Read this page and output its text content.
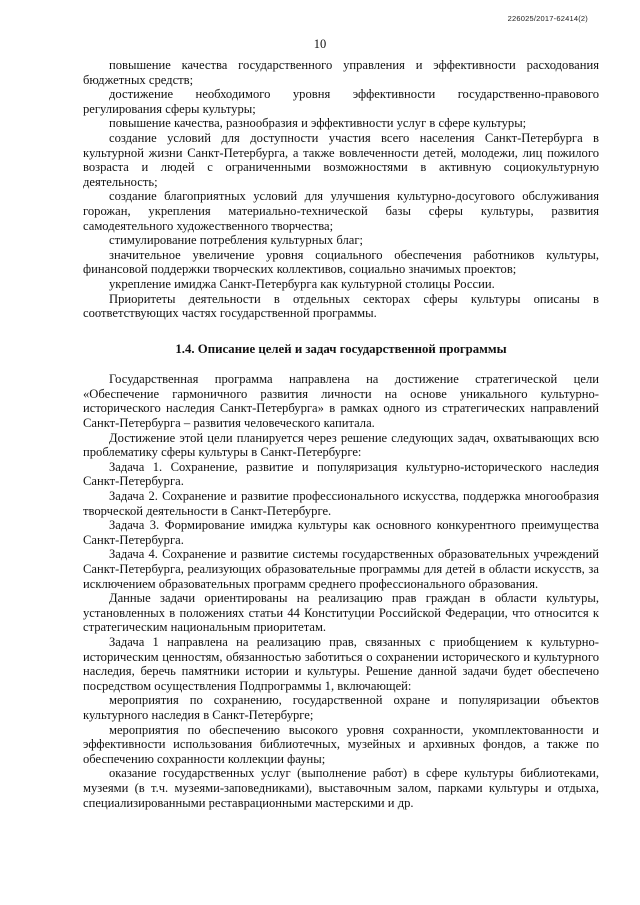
226025/2017-62414(2)
10

повышение качества государственного управления и эффективности расходования бюджетных средств;

достижение необходимого уровня эффективности государственно-правового регулирования сферы культуры;

повышение качества, разнообразия и эффективности услуг в сфере культуры;

создание условий для доступности участия всего населения Санкт-Петербурга в культурной жизни Санкт-Петербурга, а также вовлеченности детей, молодежи, лиц пожилого возраста и людей с ограниченными возможностями в активную социокультурную деятельность;

создание благоприятных условий для улучшения культурно-досугового обслуживания горожан, укрепления материально-технической базы сферы культуры, развития самодеятельного художественного творчества;

стимулирование потребления культурных благ;

значительное увеличение уровня социального обеспечения работников культуры, финансовой поддержки творческих коллективов, социально значимых проектов;

укрепление имиджа Санкт-Петербурга как культурной столицы России.

Приоритеты деятельности в отдельных секторах сферы культуры описаны в соответствующих частях государственной программы.

1.4. Описание целей и задач государственной программы

Государственная программа направлена на достижение стратегической цели «Обеспечение гармоничного развития личности на основе уникального культурно-исторического наследия Санкт-Петербурга» в рамках одного из стратегических направлений Санкт-Петербурга – развития человеческого капитала.

Достижение этой цели планируется через решение следующих задач, охватывающих всю проблематику сферы культуры в Санкт-Петербурге:

Задача 1. Сохранение, развитие и популяризация культурно-исторического наследия Санкт-Петербурга.

Задача 2. Сохранение и развитие профессионального искусства, поддержка многообразия творческой деятельности в Санкт-Петербурге.

Задача 3. Формирование имиджа культуры как основного конкурентного преимущества Санкт-Петербурга.

Задача 4. Сохранение и развитие системы государственных образовательных учреждений Санкт-Петербурга, реализующих образовательные программы для детей в области искусств, за исключением образовательных программ среднего профессионального образования.

Данные задачи ориентированы на реализацию прав граждан в области культуры, установленных в положениях статьи 44 Конституции Российской Федерации, что относится к стратегическим национальным приоритетам.

Задача 1 направлена на реализацию прав, связанных с приобщением к культурно-историческим ценностям, обязанностью заботиться о сохранении исторического и культурного наследия, беречь памятники истории и культуры. Решение данной задачи будет обеспечено посредством осуществления Подпрограммы 1, включающей:

мероприятия по сохранению, государственной охране и популяризации объектов культурного наследия в Санкт-Петербурге;

мероприятия по обеспечению высокого уровня сохранности, укомплектованности и эффективности использования библиотечных, музейных и архивных фондов, а также по обеспечению сохранности коллекции фауны;

оказание государственных услуг (выполнение работ) в сфере культуры библиотеками, музеями (в т.ч. музеями-заповедниками), выставочным залом, парками культуры и отдыха, специализированными реставрационными мастерскими и др.
